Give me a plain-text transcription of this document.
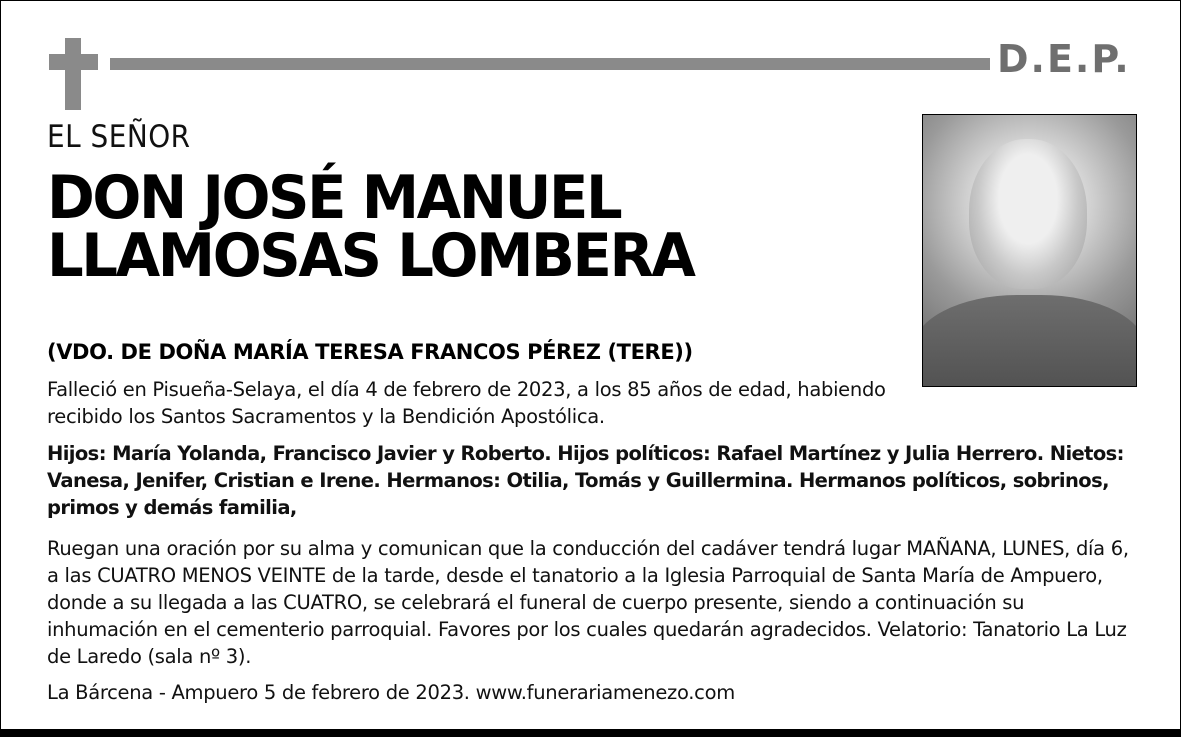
D.E.P.
EL SEÑOR
DON JOSÉ MANUEL
LLAMOSAS LOMBERA
(VDO. DE DOÑA MARÍA TERESA FRANCOS PÉREZ (TERE))
Falleció en Pisueña-Selaya, el día 4 de febrero de 2023, a los 85 años de edad, habiendo recibido los Santos Sacramentos y la Bendición Apostólica.
Hijos: María Yolanda, Francisco Javier y Roberto. Hijos políticos: Rafael Martínez y Julia Herrero. Nietos: Vanesa, Jenifer, Cristian e Irene. Hermanos: Otilia, Tomás y Guillermina. Hermanos políticos, sobrinos, primos y demás familia,
Ruegan una oración por su alma y comunican que la conducción del cadáver tendrá lugar MAÑANA, LUNES, día 6, a las CUATRO MENOS VEINTE de la tarde, desde el tanatorio a la Iglesia Parroquial de Santa María de Ampuero, donde a su llegada a las CUATRO, se celebrará el funeral de cuerpo presente, siendo a continuación su inhumación en el cementerio parroquial. Favores por los cuales quedarán agradecidos. Velatorio: Tanatorio La Luz de Laredo (sala nº 3).
La Bárcena - Ampuero 5 de febrero de 2023. www.funerariamenezo.com
